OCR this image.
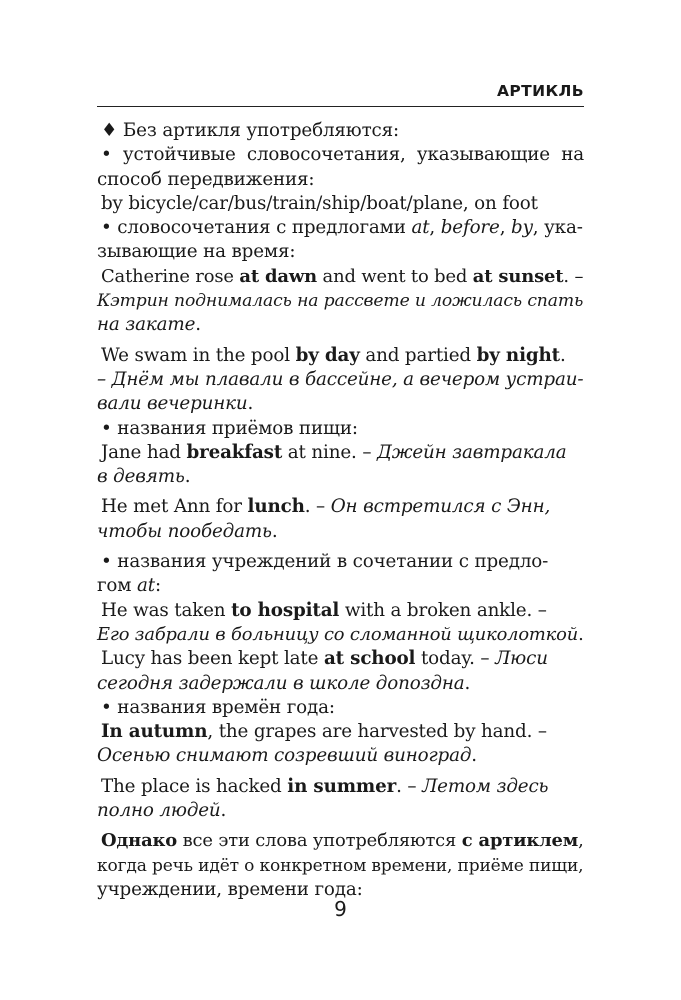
АРТИКЛЬ
♦ Без артикля употребляются:
• устойчивые словосочетания, указывающие на
способ передвижения:
by bicycle/car/bus/train/ship/boat/plane, on foot
• словосочетания с предлогами at, before, by, ука-
зывающие на время:
Catherine rose at dawn and went to bed at sunset. –
Кэтрин поднималась на рассвете и ложилась спать
на закате.
We swam in the pool by day and partied by night.
– Днём мы плавали в бассейне, а вечером устраи-
вали вечеринки.
• названия приёмов пищи:
Jane had breakfast at nine. – Джейн завтракала
в девять.
He met Ann for lunch. – Он встретился с Энн,
чтобы пообедать.
• названия учреждений в сочетании с предло-
гом at:
He was taken to hospital with a broken ankle. –
Его забрали в больницу со сломанной щиколоткой.
Lucy has been kept late at school today. – Люси
сегодня задержали в школе допоздна.
• названия времён года:
In autumn, the grapes are harvested by hand. –
Осенью снимают созревший виноград.
The place is hacked in summer. – Летом здесь
полно людей.
Однако все эти слова употребляются с артиклем,
когда речь идёт о конкретном времени, приёме пищи,
учреждении, времени года:
9
